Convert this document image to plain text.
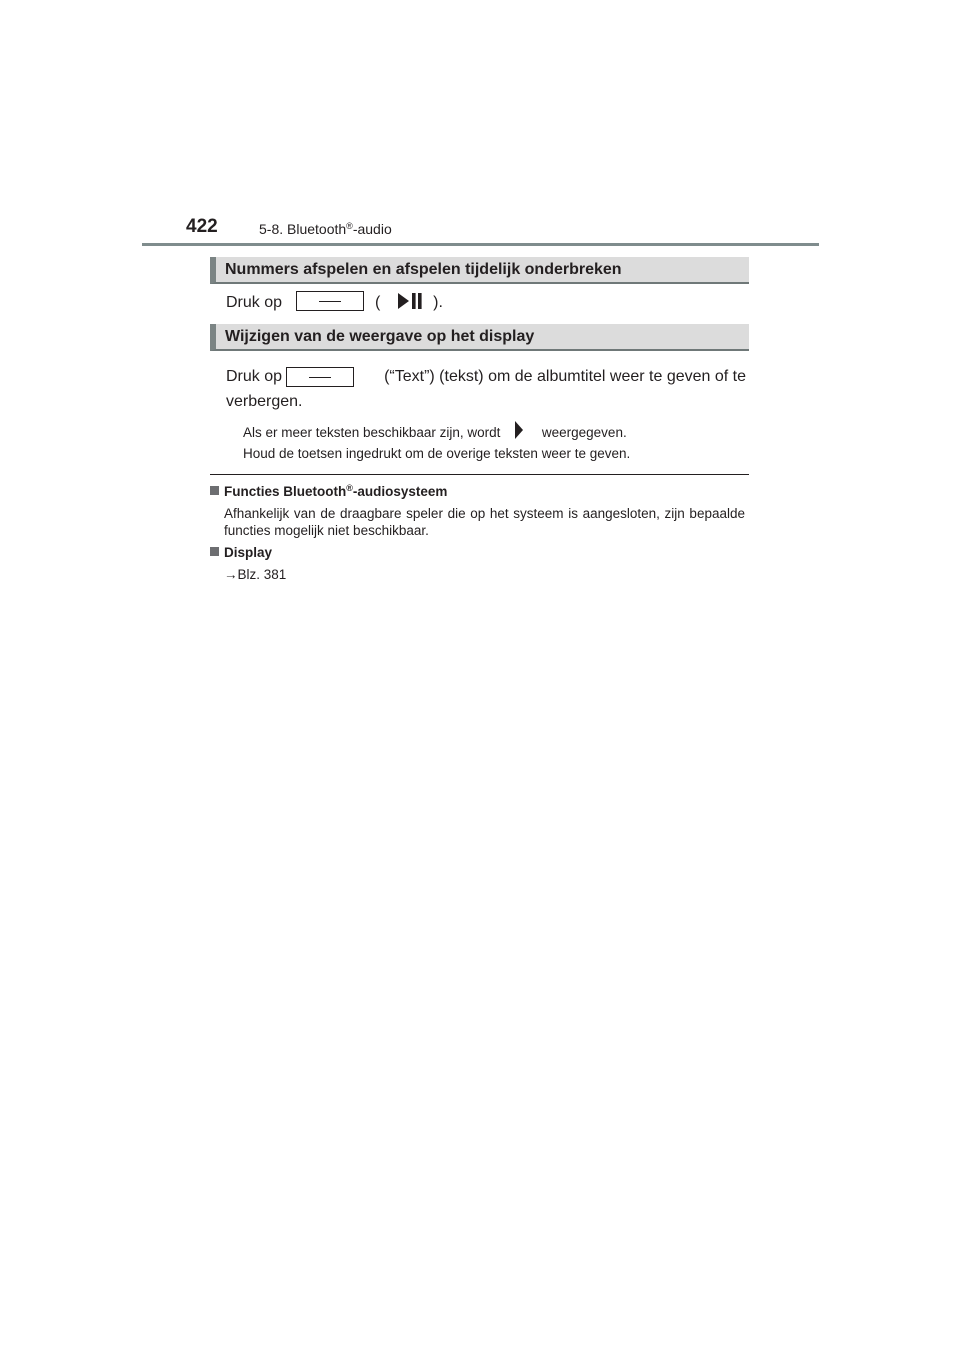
422	5-8. Bluetooth®-audio
Nummers afspelen en afspelen tijdelijk onderbreken
Druk op	(	).
Wijzigen van de weergave op het display
Druk op	(“Text”) (tekst) om de albumtitel weer te geven of te
verbergen.
Als er meer teksten beschikbaar zijn, wordt	weergegeven.
Houd de toetsen ingedrukt om de overige teksten weer te geven.
Functies Bluetooth®-audiosysteem
Afhankelijk van de draagbare speler die op het systeem is aangesloten, zijn bepaalde functies mogelijk niet beschikbaar.
Display
→Blz. 381
